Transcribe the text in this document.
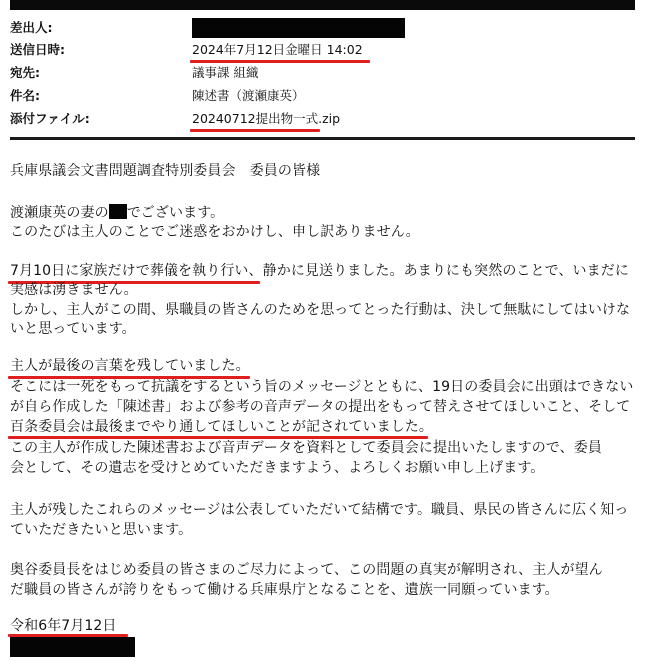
差出人:
送信日時:	2024年7月12日金曜日 14:02
宛先:	議事課 組織
件名:	陳述書（渡瀬康英）
添付ファイル:	20240712提出物一式.zip
兵庫県議会文書問題調査特別委員会　委員の皆様
渡瀬康英の妻の でございます。
このたびは主人のことでご迷惑をおかけし、申し訳ありません。
7月10日に家族だけで葬儀を執り行い、静かに見送りました。あまりにも突然のことで、いまだに
実感は湧きません。
しかし、主人がこの間、県職員の皆さんのためを思ってとった行動は、決して無駄にしてはいけな
いと思っています。
主人が最後の言葉を残していました。
そこには一死をもって抗議をするという旨のメッセージとともに、19日の委員会に出頭はできない
が自ら作成した「陳述書」および参考の音声データの提出をもって替えさせてほしいこと、そして
百条委員会は最後までやり通してほしいことが記されていました。
この主人が作成した陳述書および音声データを資料として委員会に提出いたしますので、委員
会として、その遺志を受けとめていただきますよう、よろしくお願い申し上げます。
主人が残したこれらのメッセージは公表していただいて結構です。職員、県民の皆さんに広く知っ
ていただきたいと思います。
奥谷委員長をはじめ委員の皆さまのご尽力によって、この問題の真実が解明され、主人が望ん
だ職員の皆さんが誇りをもって働ける兵庫県庁となることを、遺族一同願っています。
令和6年7月12日
